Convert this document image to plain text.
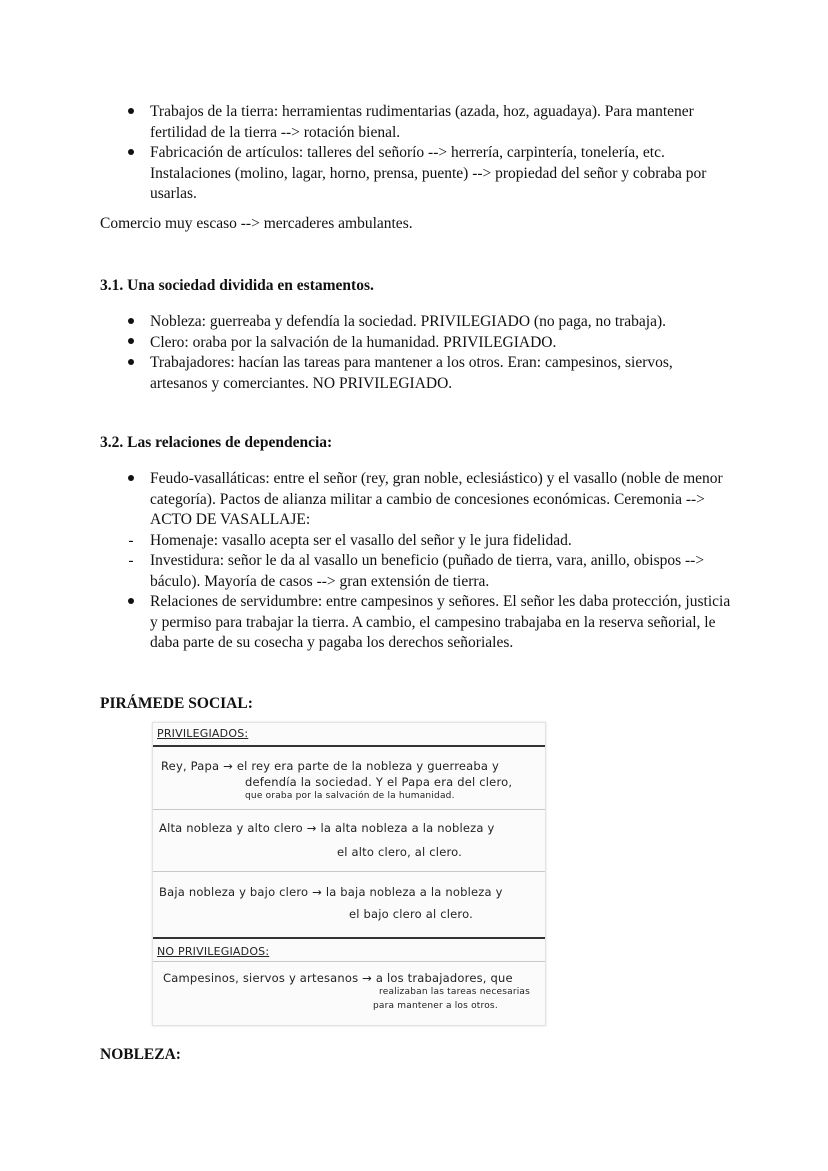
Trabajos de la tierra: herramientas rudimentarias (azada, hoz, aguadaya). Para mantener fertilidad de la tierra --> rotación bienal.
Fabricación de artículos: talleres del señorío --> herrería, carpintería, tonelería, etc. Instalaciones (molino, lagar, horno, prensa, puente) --> propiedad del señor y cobraba por usarlas.
Comercio muy escaso --> mercaderes ambulantes.
3.1. Una sociedad dividida en estamentos.
Nobleza: guerreaba y defendía la sociedad. PRIVILEGIADO (no paga, no trabaja).
Clero: oraba por la salvación de la humanidad. PRIVILEGIADO.
Trabajadores: hacían las tareas para mantener a los otros. Eran: campesinos, siervos, artesanos y comerciantes. NO PRIVILEGIADO.
3.2. Las relaciones de dependencia:
Feudo-vasalláticas: entre el señor (rey, gran noble, eclesiástico) y el vasallo (noble de menor categoría). Pactos de alianza militar a cambio de concesiones económicas. Ceremonia --> ACTO DE VASALLAJE:
- Homenaje: vasallo acepta ser el vasallo del señor y le jura fidelidad.
- Investidura: señor le da al vasallo un beneficio (puñado de tierra, vara, anillo, obispos --> báculo). Mayoría de casos --> gran extensión de tierra.
Relaciones de servidumbre: entre campesinos y señores. El señor les daba protección, justicia y permiso para trabajar la tierra. A cambio, el campesino trabajaba en la reserva señorial, le daba parte de su cosecha y pagaba los derechos señoriales.
PIRÁMEDE SOCIAL:
PRIVILEGIADOS:
Rey, Papa → el rey era parte de la nobleza y guerreaba y
defendía la sociedad. Y el Papa era del clero,
que oraba por la salvación de la humanidad.
Alta nobleza y alto clero → la alta nobleza a la nobleza y
el alto clero, al clero.
Baja nobleza y bajo clero → la baja nobleza a la nobleza y
el bajo clero al clero.
NO PRIVILEGIADOS:
Campesinos, siervos y artesanos → a los trabajadores, que
realizaban las tareas necesarias
para mantener a los otros.
NOBLEZA:
